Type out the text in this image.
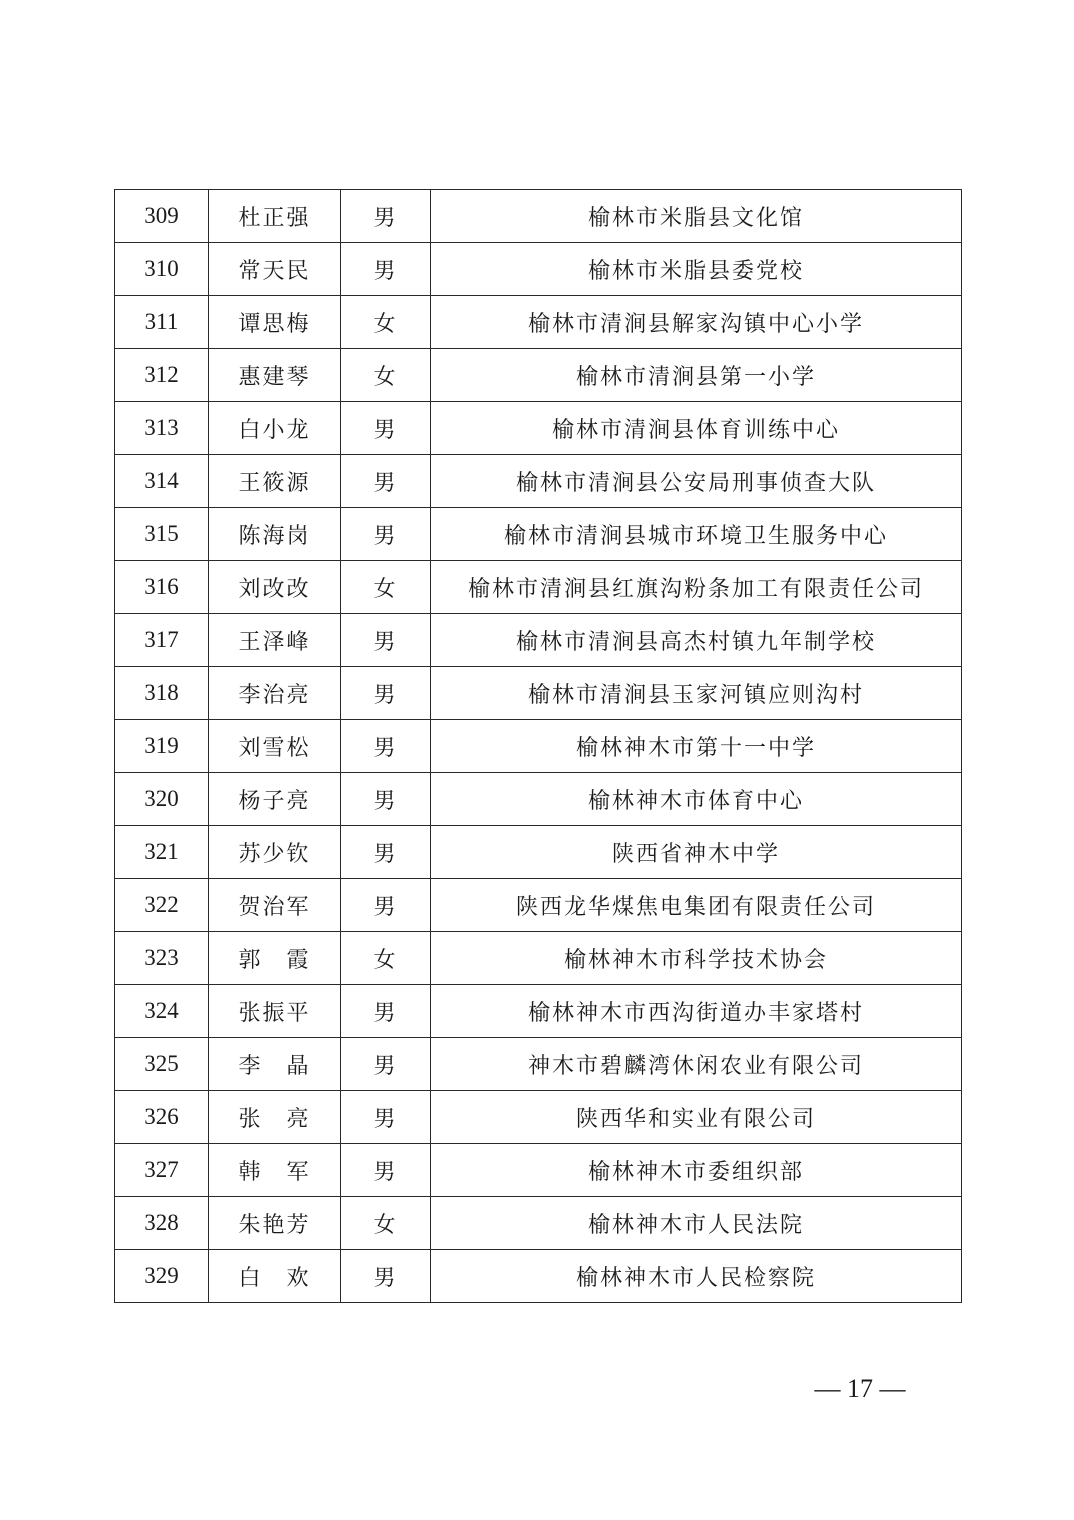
309	杜正强	男	榆林市米脂县文化馆
310	常天民	男	榆林市米脂县委党校
311	谭思梅	女	榆林市清涧县解家沟镇中心小学
312	惠建琴	女	榆林市清涧县第一小学
313	白小龙	男	榆林市清涧县体育训练中心
314	王筱源	男	榆林市清涧县公安局刑事侦查大队
315	陈海岗	男	榆林市清涧县城市环境卫生服务中心
316	刘改改	女	榆林市清涧县红旗沟粉条加工有限责任公司
317	王泽峰	男	榆林市清涧县高杰村镇九年制学校
318	李治亮	男	榆林市清涧县玉家河镇应则沟村
319	刘雪松	男	榆林神木市第十一中学
320	杨子亮	男	榆林神木市体育中心
321	苏少钦	男	陕西省神木中学
322	贺治军	男	陕西龙华煤焦电集团有限责任公司
323	郭　霞	女	榆林神木市科学技术协会
324	张振平	男	榆林神木市西沟街道办丰家塔村
325	李　晶	男	神木市碧麟湾休闲农业有限公司
326	张　亮	男	陕西华和实业有限公司
327	韩　军	男	榆林神木市委组织部
328	朱艳芳	女	榆林神木市人民法院
329	白　欢	男	榆林神木市人民检察院
— 17 —
